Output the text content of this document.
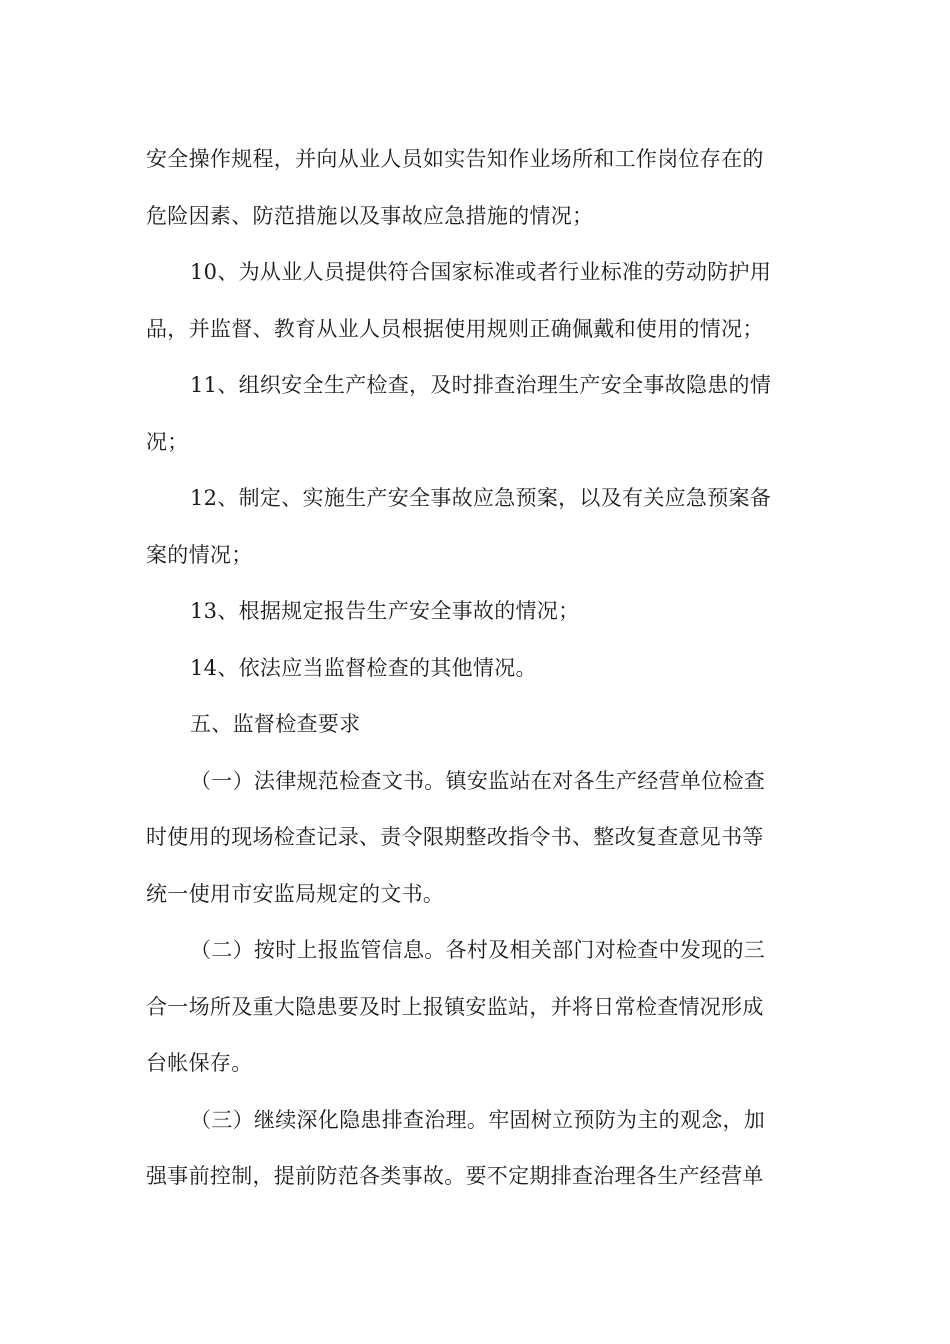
安全操作规程，并向从业人员如实告知作业场所和工作岗位存在的
危险因素、防范措施以及事故应急措施的情况；
10、为从业人员提供符合国家标准或者行业标准的劳动防护用
品，并监督、教育从业人员根据使用规则正确佩戴和使用的情况；
11、组织安全生产检查，及时排查治理生产安全事故隐患的情
况；
12、制定、实施生产安全事故应急预案，以及有关应急预案备
案的情况；
13、根据规定报告生产安全事故的情况；
14、依法应当监督检查的其他情况。
五、监督检查要求
（一）法律规范检查文书。镇安监站在对各生产经营单位检查
时使用的现场检查记录、责令限期整改指令书、整改复查意见书等
统一使用市安监局规定的文书。
（二）按时上报监管信息。各村及相关部门对检查中发现的三
合一场所及重大隐患要及时上报镇安监站，并将日常检查情况形成
台帐保存。
（三）继续深化隐患排查治理。牢固树立预防为主的观念，加
强事前控制，提前防范各类事故。要不定期排查治理各生产经营单
